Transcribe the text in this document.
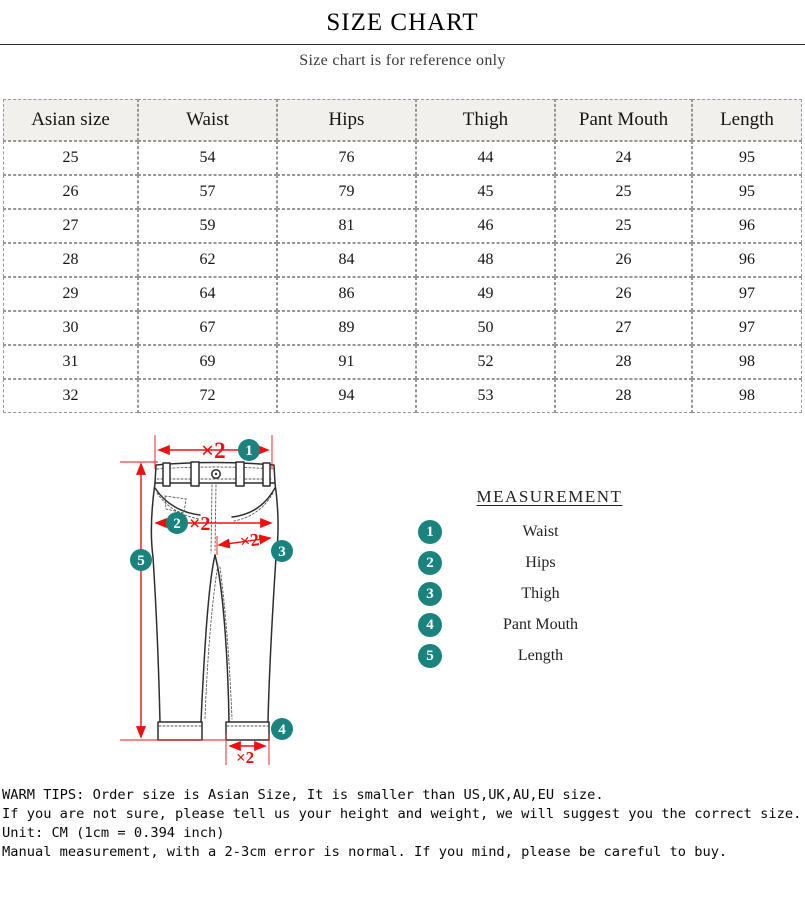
SIZE CHART
Size chart is for reference only
Asian size	Waist	Hips	Thigh	Pant Mouth	Length
25	54	76	44	24	95
26	57	79	45	25	95
27	59	81	46	25	96
28	62	84	48	26	96
29	64	86	49	26	97
30	67	89	50	27	97
31	69	91	52	28	98
32	72	94	53	28	98
×2 1
5
2 ×2
×2
3
×2
4
MEASUREMENT
1	Waist
2	Hips
3	Thigh
4	Pant Mouth
5	Length
WARM TIPS: Order size is Asian Size, It is smaller than US,UK,AU,EU size.
If you are not sure, please tell us your height and weight, we will suggest you the correct size.
Unit: CM (1cm = 0.394 inch)
Manual measurement, with a 2-3cm error is normal. If you mind, please be careful to buy.
